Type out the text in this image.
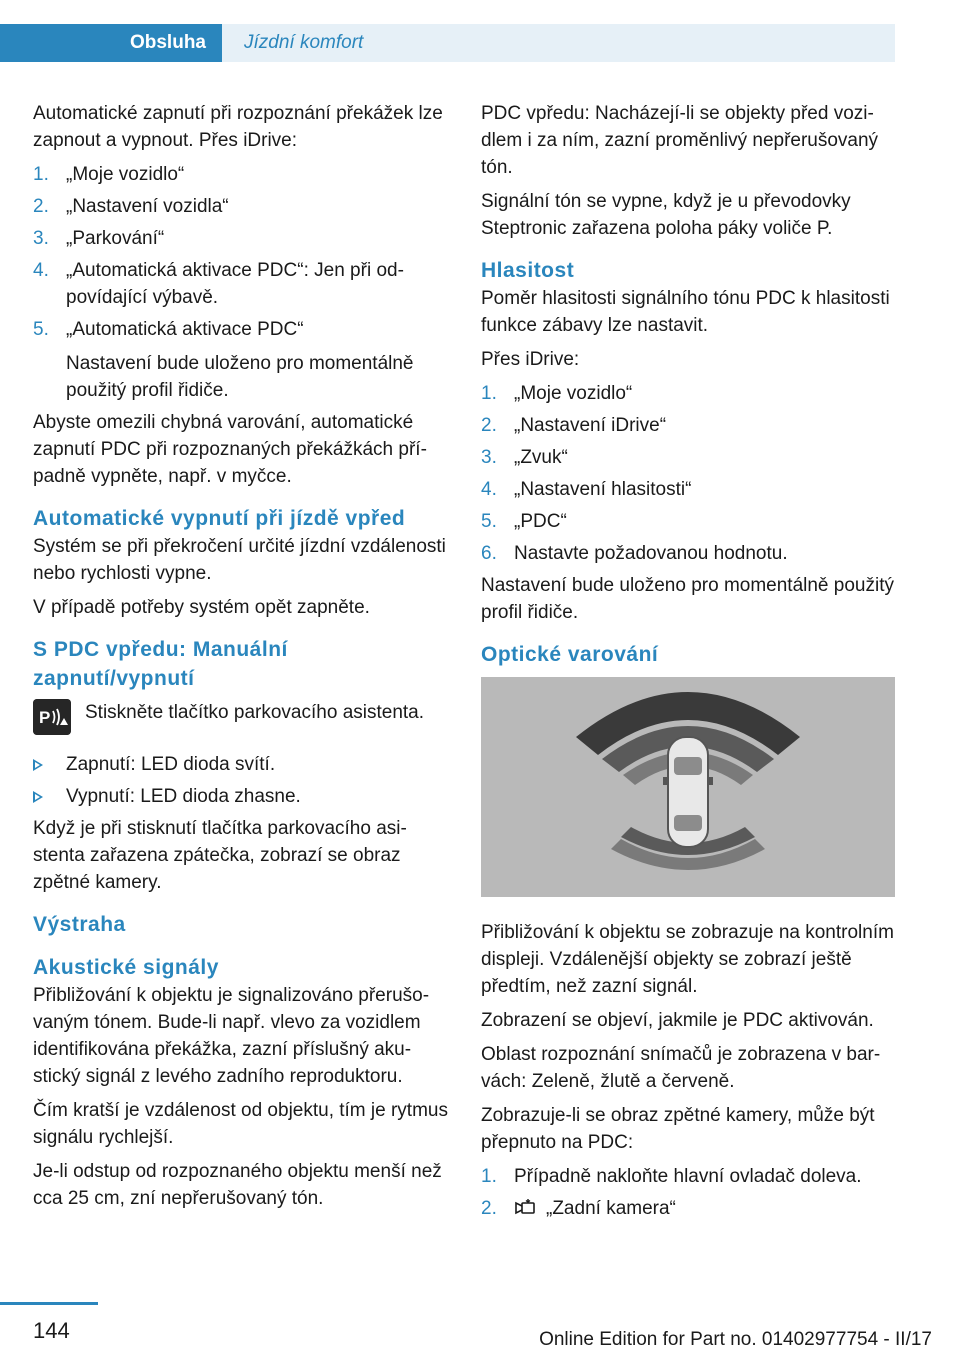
Obsluha	Jízdní komfort

Automatické zapnutí při rozpoznání překážek lze zapnout a vypnout. Přes iDrive:

1. „Moje vozidlo“
2. „Nastavení vozidla“
3. „Parkování“
4. „Automatická aktivace PDC“: Jen při odpovídající výbavě.
5. „Automatická aktivace PDC“
Nastavení bude uloženo pro momentálně použitý profil řidiče.

Abyste omezili chybná varování, automatické zapnutí PDC při rozpoznaných překážkách případně vypněte, např. v myčce.

Automatické vypnutí při jízdě vpřed

Systém se při překročení určité jízdní vzdálenosti nebo rychlosti vypne.

V případě potřeby systém opět zapněte.

S PDC vpředu: Manuální zapnutí/vypnutí
P Stiskněte tlačítko parkovacího asistenta.
Zapnutí: LED dioda svítí.
Vypnutí: LED dioda zhasne.

Když je při stisknutí tlačítka parkovacího asistenta zařazena zpátečka, zobrazí se obraz zpětné kamery.

Výstraha
Akustické signály

Přibližování k objektu je signalizováno přerušovaným tónem. Bude-li např. vlevo za vozidlem identifikována překážka, zazní příslušný akustický signál z levého zadního reproduktoru.

Čím kratší je vzdálenost od objektu, tím je rytmus signálu rychlejší.

Je-li odstup od rozpoznaného objektu menší než cca 25 cm, zní nepřerušovaný tón.

PDC vpředu: Nacházejí-li se objekty před vozidlem i za ním, zazní proměnlivý nepřerušovaný tón.

Signální tón se vypne, když je u převodovky Steptronic zařazena poloha páky voliče P.

Hlasitost

Poměr hlasitosti signálního tónu PDC k hlasitosti funkce zábavy lze nastavit.

Přes iDrive:

1. „Moje vozidlo“
2. „Nastavení iDrive“
3. „Zvuk“
4. „Nastavení hlasitosti“
5. „PDC“
6. Nastavte požadovanou hodnotu.

Nastavení bude uloženo pro momentálně použitý profil řidiče.

Optické varování

Přibližování k objektu se zobrazuje na kontrolním displeji. Vzdálenější objekty se zobrazí ještě předtím, než zazní signál.

Zobrazení se objeví, jakmile je PDC aktivován.

Oblast rozpoznání snímačů je zobrazena v barvách: Zeleně, žlutě a červeně.

Zobrazuje-li se obraz zpětné kamery, může být přepnuto na PDC:

1. Případně nakloňte hlavní ovladač doleva.
2.	„Zadní kamera“
144	Online Edition for Part no. 01402977754 - II/17
